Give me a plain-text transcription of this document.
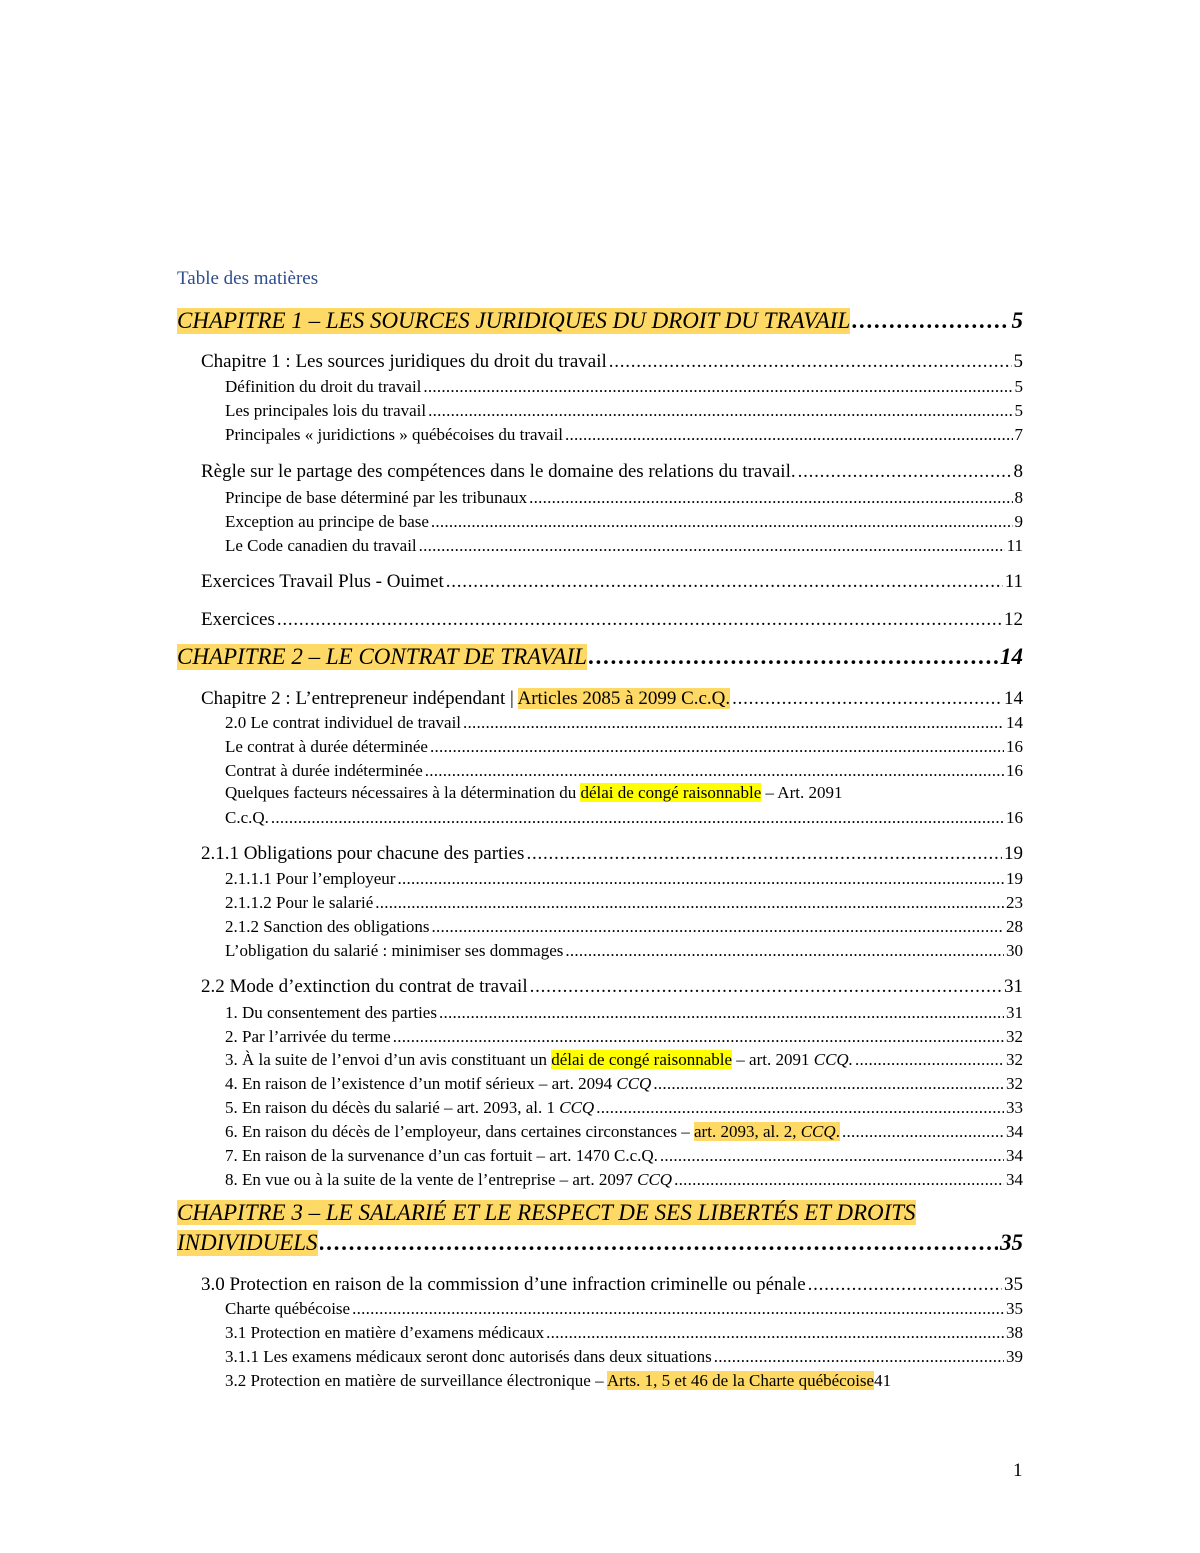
Table des matières
CHAPITRE 1 – LES SOURCES JURIDIQUES DU DROIT DU TRAVAIL . . .	5
Chapitre 1 : Les sources juridiques du droit du travail . . .	5
Définition du droit du travail . . .	5
Les principales lois du travail . . .	5
Principales « juridictions » québécoises du travail . . .	7
Règle sur le partage des compétences dans le domaine des relations du travail. . . .	8
Principe de base déterminé par les tribunaux . . .	8
Exception au principe de base . . .	9
Le Code canadien du travail . . .	11
Exercices Travail Plus - Ouimet . . .	11
Exercices . . .	12
CHAPITRE 2 – LE CONTRAT DE TRAVAIL . . .	14
Chapitre 2 : L’entrepreneur indépendant | Articles 2085 à 2099 C.c.Q. . . .	14
2.0 Le contrat individuel de travail . . .	14
Le contrat à durée déterminée . . .	16
Contrat à durée indéterminée . . .	16
Quelques facteurs nécessaires à la détermination du délai de congé raisonnable – Art. 2091
C.c.Q. . . .	16
2.1.1 Obligations pour chacune des parties . . .	19
2.1.1.1 Pour l’employeur . . .	19
2.1.1.2 Pour le salarié . . .	23
2.1.2 Sanction des obligations . . .	28
L’obligation du salarié : minimiser ses dommages . . .	30
2.2 Mode d’extinction du contrat de travail . . .	31
1. Du consentement des parties . . .	31
2. Par l’arrivée du terme . . .	32
3. À la suite de l’envoi d’un avis constituant un délai de congé raisonnable – art. 2091 CCQ. . . .	32
4. En raison de l’existence d’un motif sérieux – art. 2094 CCQ . . .	32
5. En raison du décès du salarié – art. 2093, al. 1 CCQ . . .	33
6. En raison du décès de l’employeur, dans certaines circonstances – art. 2093, al. 2, CCQ. . . .	34
7. En raison de la survenance d’un cas fortuit – art. 1470 C.c.Q. . . .	34
8. En vue ou à la suite de la vente de l’entreprise – art. 2097 CCQ . . .	34
CHAPITRE 3 – LE SALARIÉ ET LE RESPECT DE SES LIBERTÉS ET DROITS
INDIVIDUELS . . .	35
3.0 Protection en raison de la commission d’une infraction criminelle ou pénale . . .	35
Charte québécoise . . .	35
3.1 Protection en matière d’examens médicaux . . .	38
3.1.1 Les examens médicaux seront donc autorisés dans deux situations . . .	39
3.2 Protection en matière de surveillance électronique – Arts. 1, 5 et 46 de la Charte québécoise 41
1
